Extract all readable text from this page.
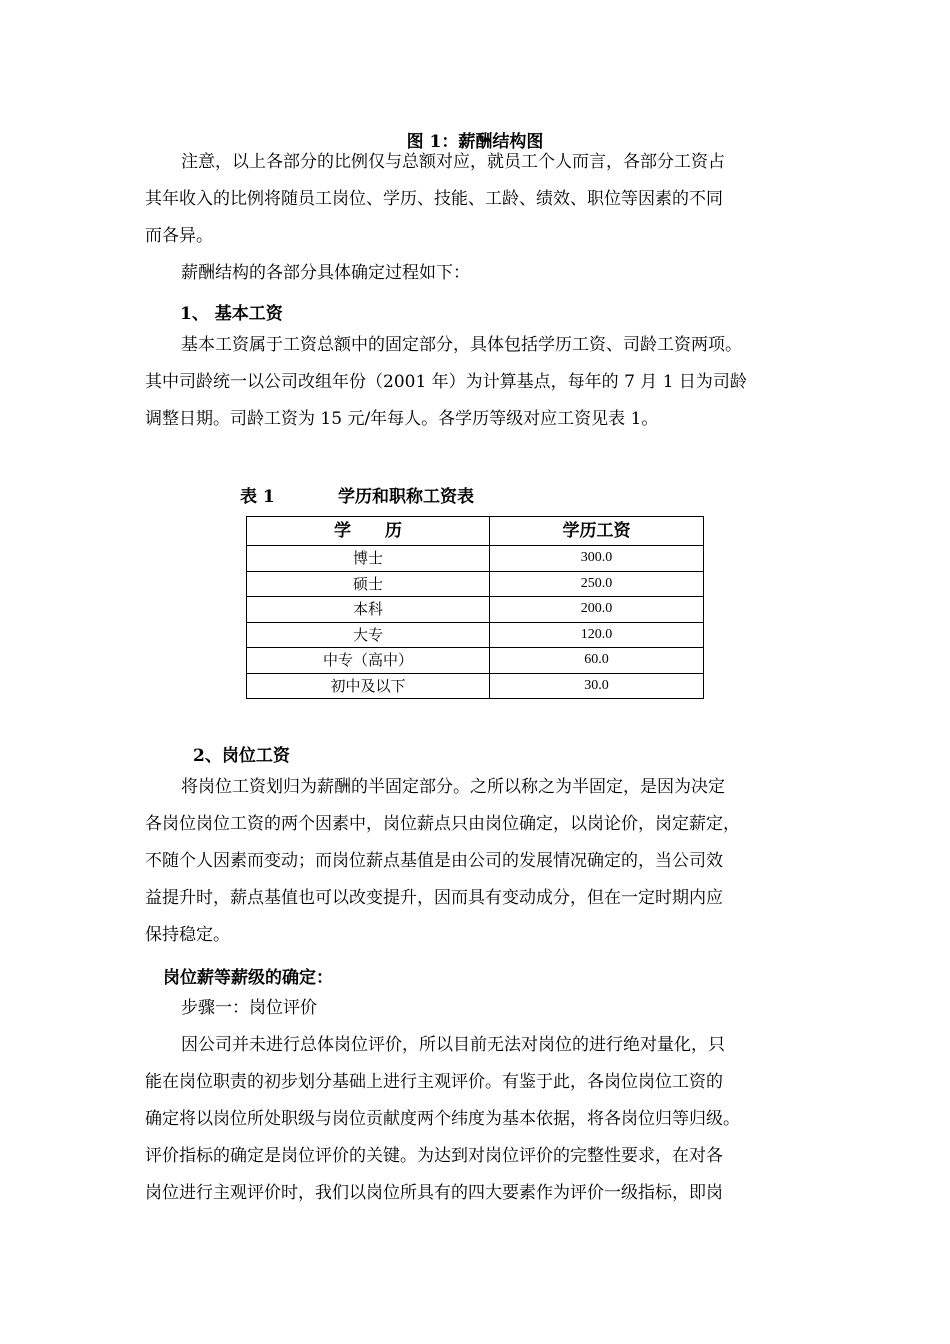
图 1：薪酬结构图
注意，以上各部分的比例仅与总额对应，就员工个人而言，各部分工资占
其年收入的比例将随员工岗位、学历、技能、工龄、绩效、职位等因素的不同
而各异。
薪酬结构的各部分具体确定过程如下：
1、 基本工资
基本工资属于工资总额中的固定部分，具体包括学历工资、司龄工资两项。
其中司龄统一以公司改组年份（2001 年）为计算基点，每年的 7 月 1 日为司龄
调整日期。司龄工资为 15 元/年每人。各学历等级对应工资见表 1。
表 1	学历和职称工资表
学　　历	学历工资
博士	300.0
硕士	250.0
本科	200.0
大专	120.0
中专（高中）	60.0
初中及以下	30.0
2、岗位工资
将岗位工资划归为薪酬的半固定部分。之所以称之为半固定，是因为决定
各岗位岗位工资的两个因素中，岗位薪点只由岗位确定，以岗论价，岗定薪定，
不随个人因素而变动；而岗位薪点基值是由公司的发展情况确定的，当公司效
益提升时，薪点基值也可以改变提升，因而具有变动成分，但在一定时期内应
保持稳定。
岗位薪等薪级的确定：
步骤一：岗位评价
因公司并未进行总体岗位评价，所以目前无法对岗位的进行绝对量化，只
能在岗位职责的初步划分基础上进行主观评价。有鉴于此，各岗位岗位工资的
确定将以岗位所处职级与岗位贡献度两个纬度为基本依据，将各岗位归等归级。
评价指标的确定是岗位评价的关键。为达到对岗位评价的完整性要求，在对各
岗位进行主观评价时，我们以岗位所具有的四大要素作为评价一级指标，即岗
